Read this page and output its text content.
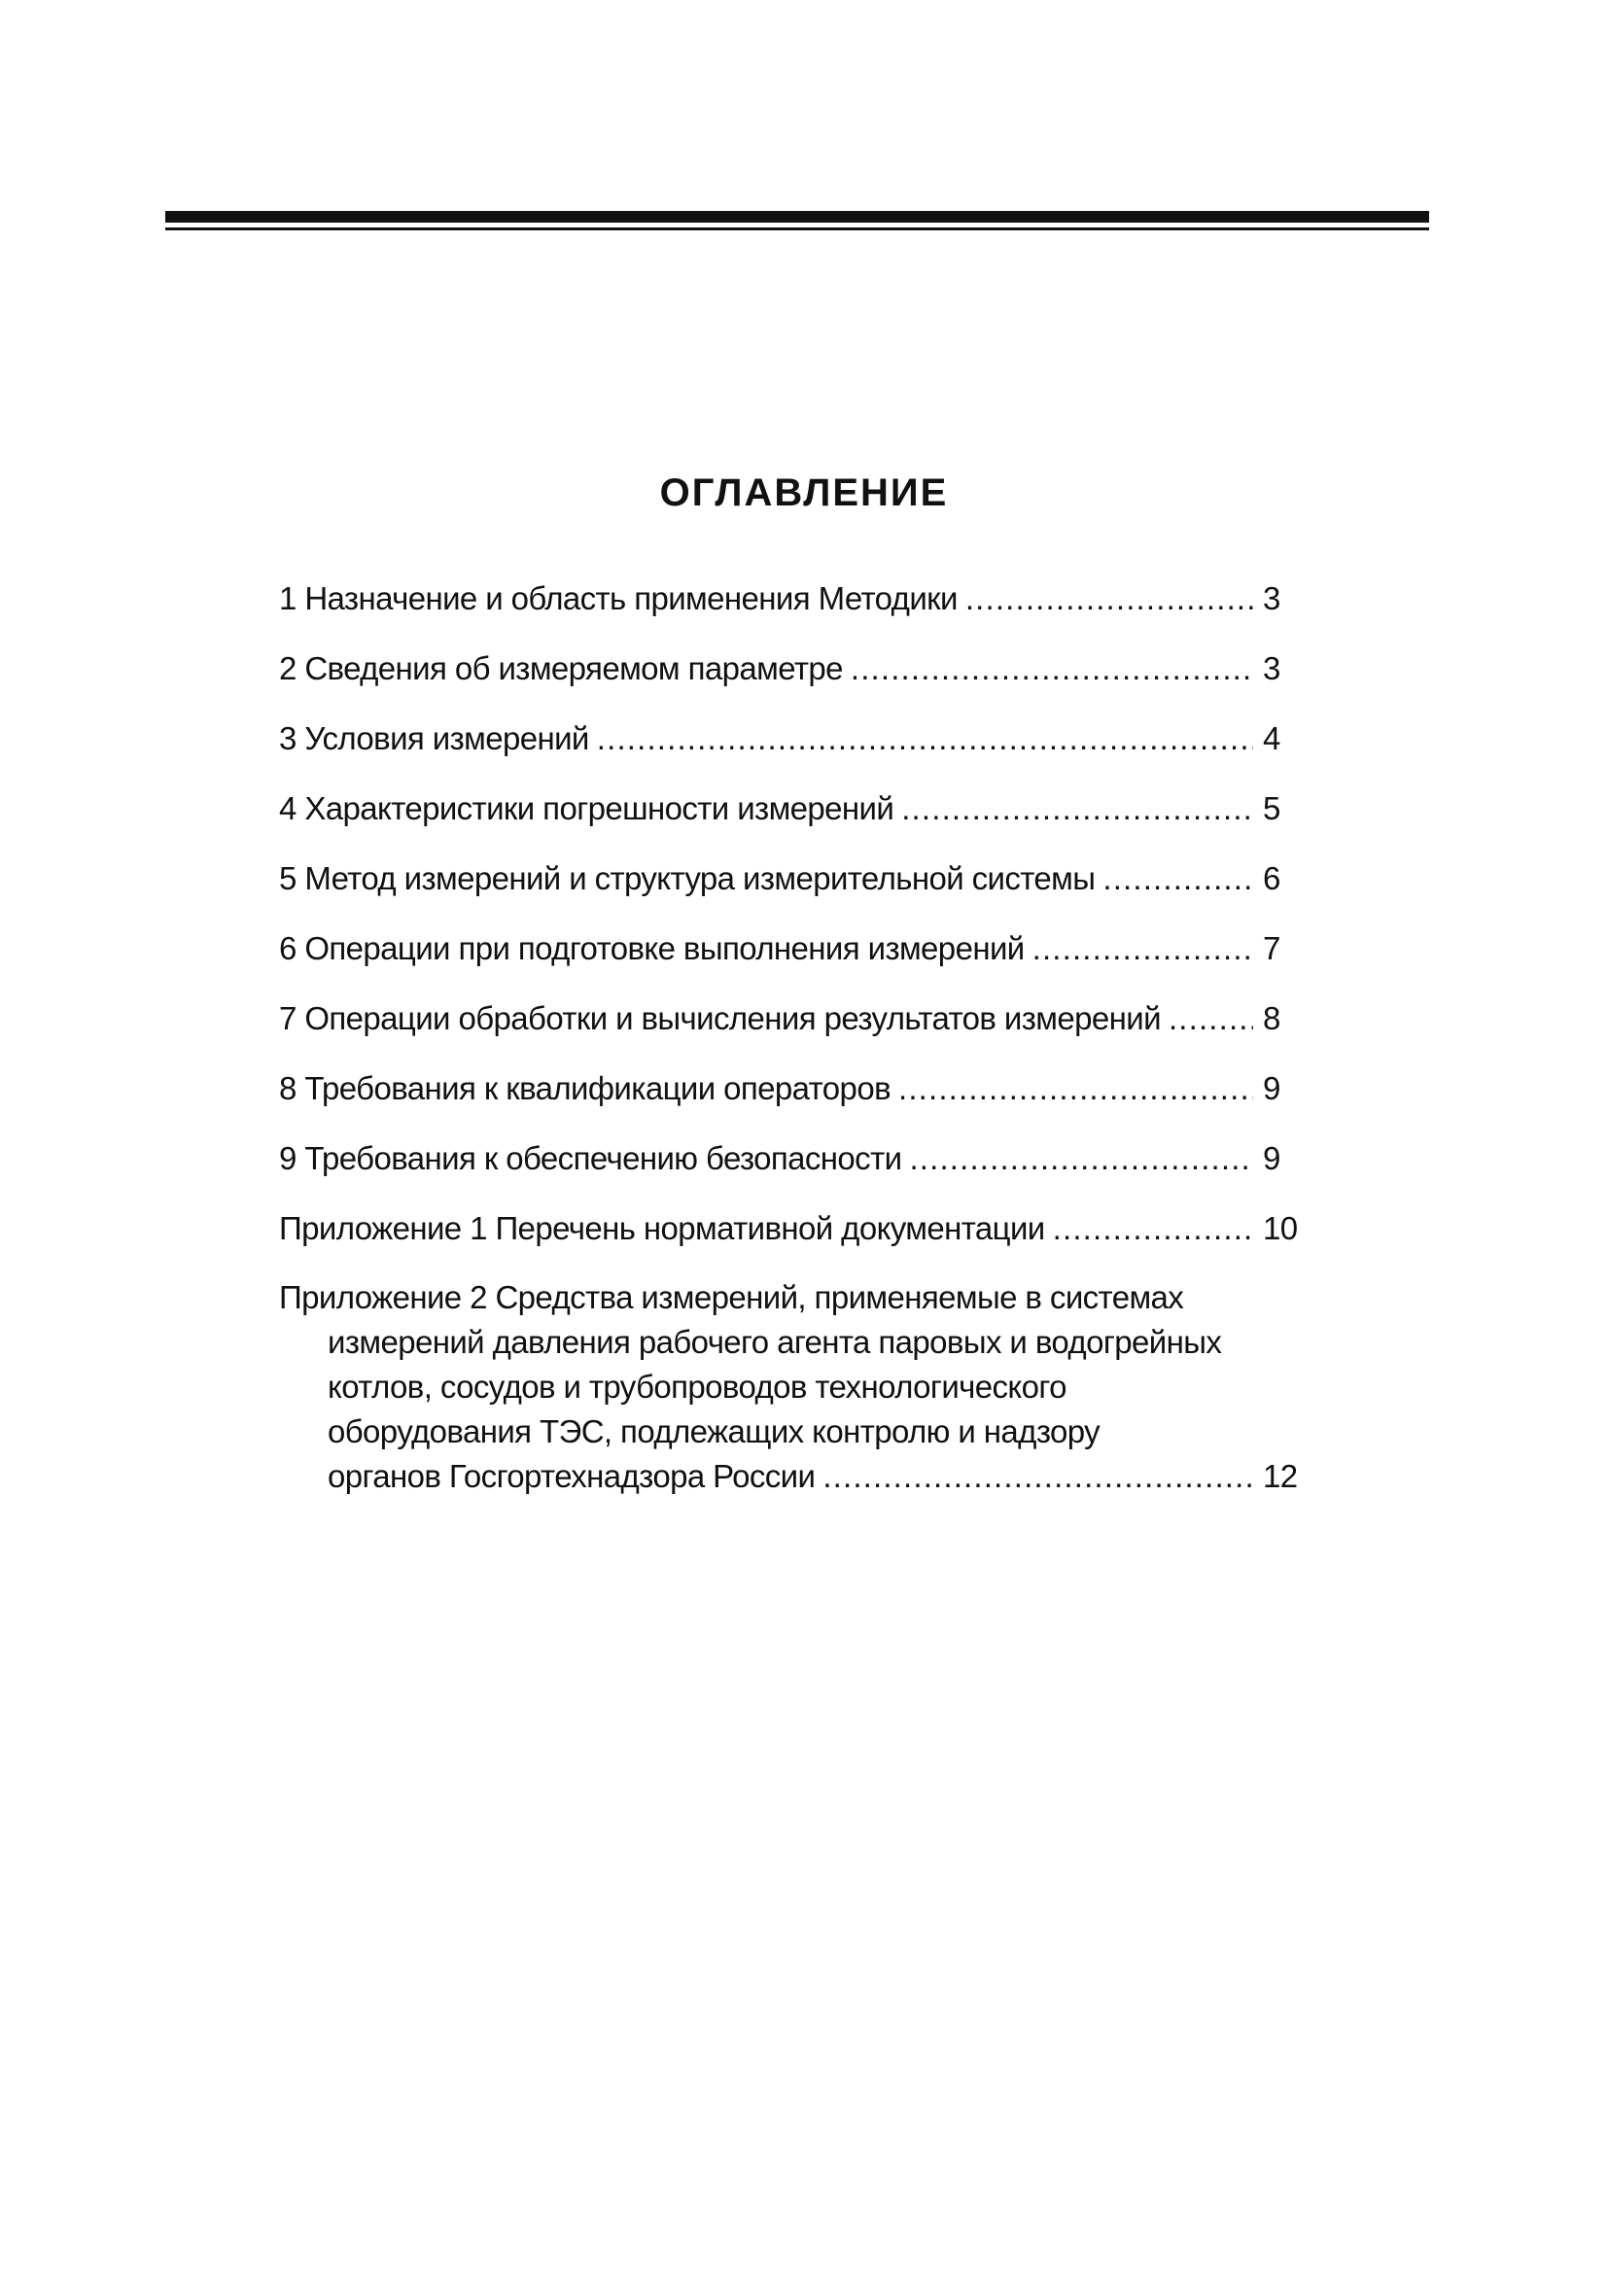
ОГЛАВЛЕНИЕ
1 Назначение и область применения Методики . . .	3
2 Сведения об измеряемом параметре . . .	3
3 Условия измерений . . .	4
4 Характеристики погрешности измерений . . .	5
5 Метод измерений и структура измерительной системы . . .	6
6 Операции при подготовке выполнения измерений . . .	7
7 Операции обработки и вычисления результатов измерений . . .	8
8 Требования к квалификации операторов . . .	9
9 Требования к обеспечению безопасности . . .	9
Приложение 1 Перечень нормативной документации . . .	10
Приложение 2 Средства измерений, применяемые в системах
измерений давления рабочего агента паровых и водогрейных
котлов, сосудов и трубопроводов технологического
оборудования ТЭС, подлежащих контролю и надзору
органов Госгортехнадзора России . . .	12
